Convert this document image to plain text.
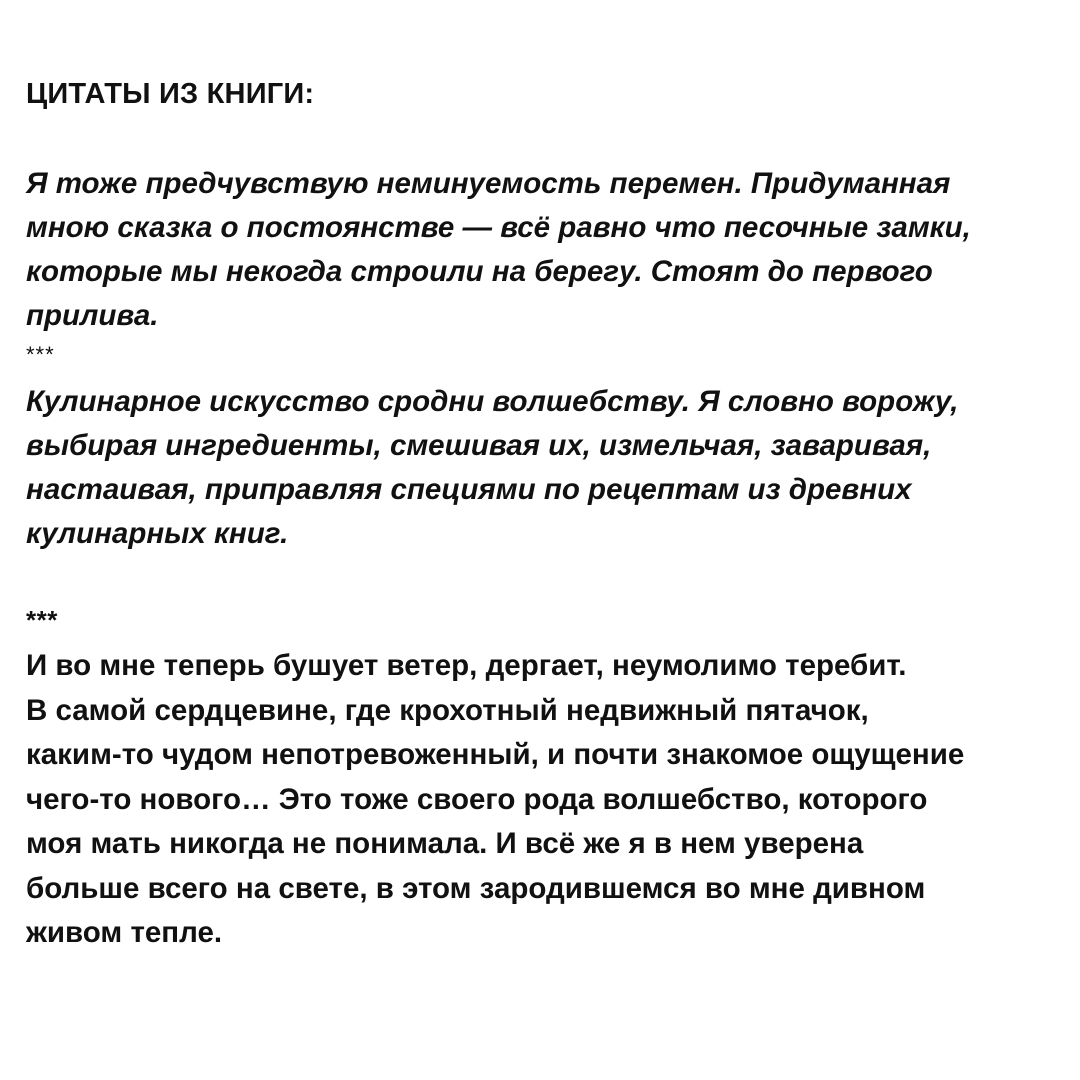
ЦИТАТЫ ИЗ КНИГИ:

Я тоже предчувствую неминуемость перемен. Придуманная
мною сказка о постоянстве — всё равно что песочные замки,
которые мы некогда строили на берегу. Стоят до первого
прилива.

***

Кулинарное искусство сродни волшебству. Я словно ворожу,
выбирая ингредиенты, смешивая их, измельчая, заваривая,
настаивая, приправляя специями по рецептам из древних
кулинарных книг.

***

И во мне теперь бушует ветер, дергает, неумолимо теребит.
В самой сердцевине, где крохотный недвижный пятачок,
каким-то чудом непотревоженный, и почти знакомое ощущение
чего-то нового… Это тоже своего рода волшебство, которого
моя мать никогда не понимала. И всё же я в нем уверена
больше всего на свете, в этом зародившемся во мне дивном
живом тепле.
